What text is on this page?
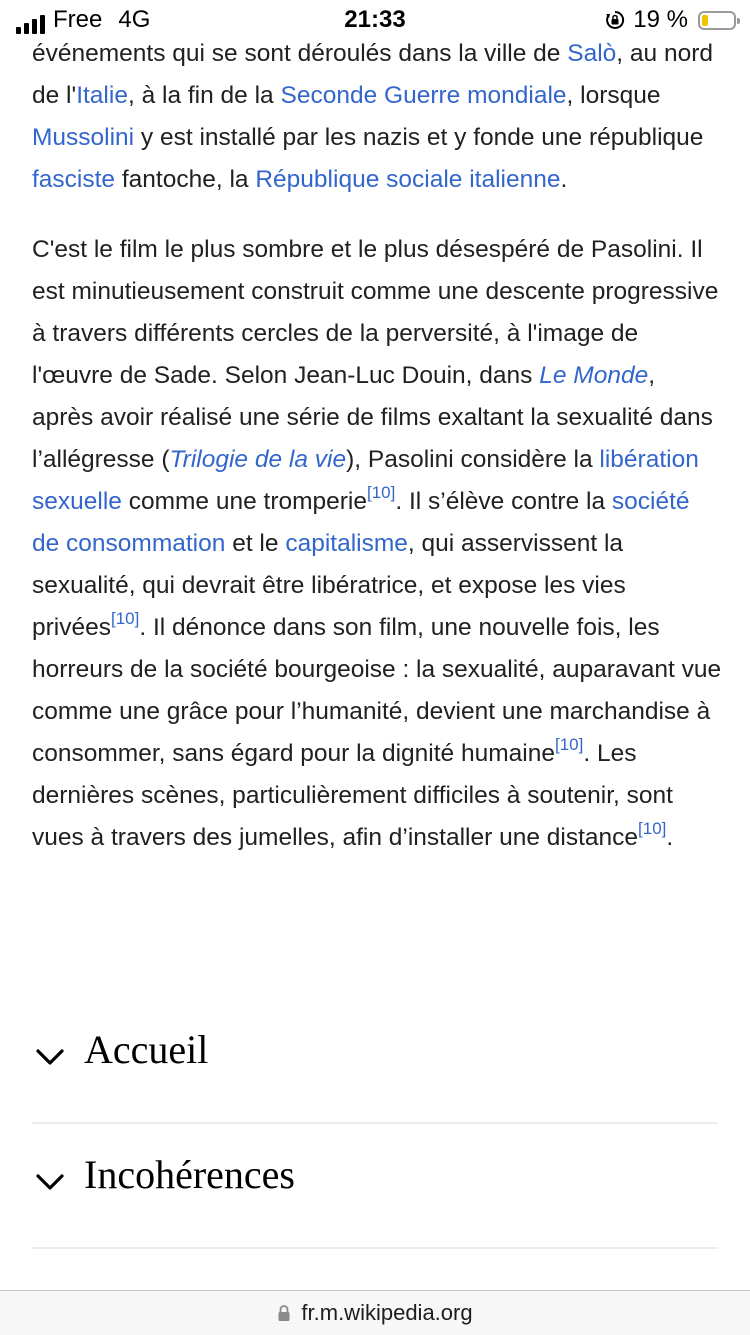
Free 4G	21:33	19 %

événements qui se sont déroulés dans la ville de Salò, au nord de l'Italie, à la fin de la Seconde Guerre mondiale, lorsque Mussolini y est installé par les nazis et y fonde une république fasciste fantoche, la République sociale italienne.

C'est le film le plus sombre et le plus désespéré de Pasolini. Il est minutieusement construit comme une descente progressive à travers différents cercles de la perversité, à l'image de l'œuvre de Sade. Selon Jean-Luc Douin, dans Le Monde, après avoir réalisé une série de films exaltant la sexualité dans l’allégresse (Trilogie de la vie), Pasolini considère la libération sexuelle comme une tromperie[10]. Il s’élève contre la société de consommation et le capitalisme, qui asservissent la sexualité, qui devrait être libératrice, et expose les vies privées[10]. Il dénonce dans son film, une nouvelle fois, les horreurs de la société bourgeoise : la sexualité, auparavant vue comme une grâce pour l’humanité, devient une marchandise à consommer, sans égard pour la dignité humaine[10]. Les dernières scènes, particulièrement difficiles à soutenir, sont vues à travers des jumelles, afin d’installer une distance[10].

Accueil
Incohérences
fr.m.wikipedia.org
